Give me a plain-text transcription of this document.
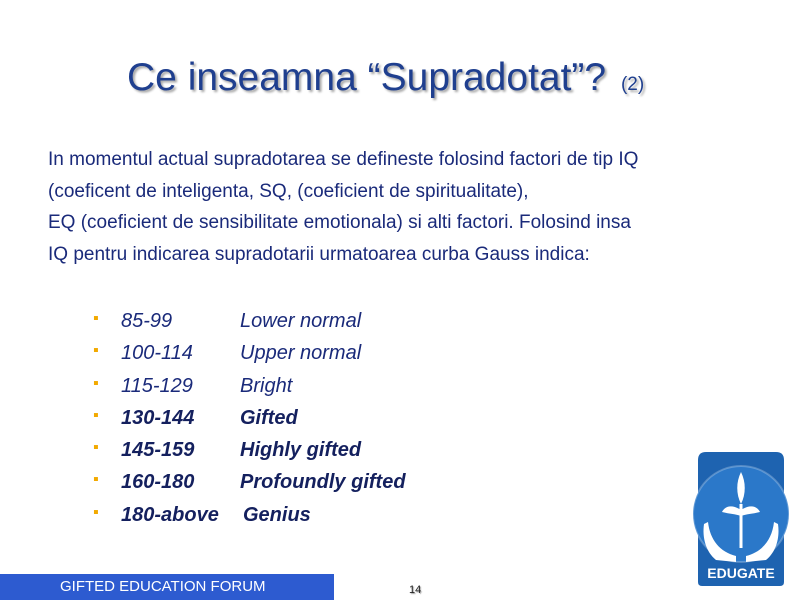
Ce inseamna “Supradotat”? (2)
In momentul actual supradotarea se defineste folosind factori de tip IQ
(coeficent de inteligenta, SQ, (coeficient de spiritualitate),
EQ (coeficient de sensibilitate emotionala) si alti factori. Folosind insa
IQ pentru indicarea supradotarii urmatoarea curba Gauss indica:
▪ 85-99	Lower normal
▪ 100-114 Upper normal
▪ 115-129 Bright
▪ 130-144 Gifted
▪ 145-159 Highly gifted
▪ 160-180 Profoundly gifted
▪ 180-above Genius
GIFTED EDUCATION FORUM	14
EDUGATE
